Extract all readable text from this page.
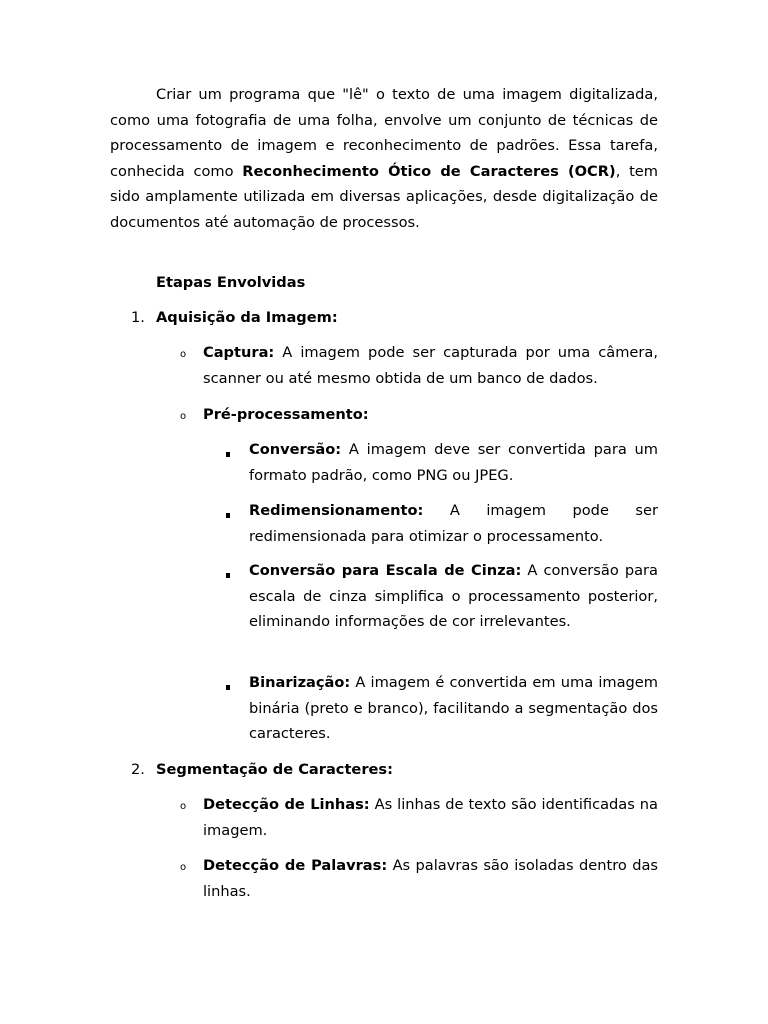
Criar um programa que "lê" o texto de uma imagem digitalizada, como uma fotografia de uma folha, envolve um conjunto de técnicas de processamento de imagem e reconhecimento de padrões. Essa tarefa, conhecida como Reconhecimento Ótico de Caracteres (OCR), tem sido amplamente utilizada em diversas aplicações, desde digitalização de documentos até automação de processos.

Etapas Envolvidas

1. Aquisição da Imagem:

o Captura: A imagem pode ser capturada por uma câmera, scanner ou até mesmo obtida de um banco de dados.

o Pré-processamento:

Conversão: A imagem deve ser convertida para um formato padrão, como PNG ou JPEG.

Redimensionamento: A imagem pode ser redimensionada para otimizar o processamento.

Conversão para Escala de Cinza: A conversão para escala de cinza simplifica o processamento posterior, eliminando informações de cor irrelevantes.

Binarização: A imagem é convertida em uma imagem binária (preto e branco), facilitando a segmentação dos caracteres.

2. Segmentação de Caracteres:

o Detecção de Linhas: As linhas de texto são identificadas na imagem.

o Detecção de Palavras: As palavras são isoladas dentro das linhas.
